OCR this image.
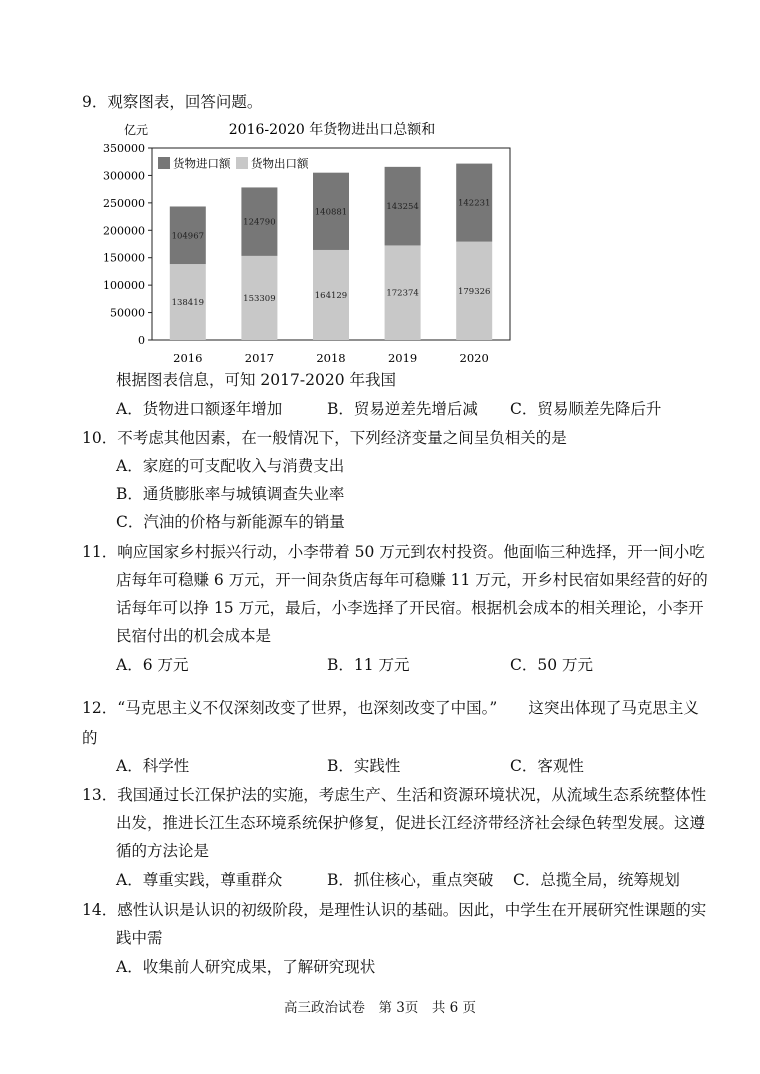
9．观察图表，回答问题。
亿元	2016-2020 年货物进出口总额和
0
50000
100000
150000
200000
250000
300000
350000
138419
104967
153309
124790
164129
140881
172374
143254
179326
142231
2016	2017	2018	2019	2020
货物进口额 货物出口额
根据图表信息，可知 2017-2020 年我国
A．货物进口额逐年增加	B．贸易逆差先增后减 C．贸易顺差先降后升
10．不考虑其他因素，在一般情况下，下列经济变量之间呈负相关的是
A．家庭的可支配收入与消费支出
B．通货膨胀率与城镇调查失业率
C．汽油的价格与新能源车的销量
11．响应国家乡村振兴行动，小李带着 50 万元到农村投资。他面临三种选择，开一间小吃
店每年可稳赚 6 万元，开一间杂货店每年可稳赚 11 万元，开乡村民宿如果经营的好的
话每年可以挣 15 万元，最后，小李选择了开民宿。根据机会成本的相关理论，小李开
民宿付出的机会成本是
A．6 万元	B．11 万元	C．50 万元
12．“马克思主义不仅深刻改变了世界，也深刻改变了中国。”　　这突出体现了马克思主义
的
A．科学性	B．实践性	C．客观性
13．我国通过长江保护法的实施，考虑生产、生活和资源环境状况，从流域生态系统整体性
出发，推进长江生态环境系统保护修复，促进长江经济带经济社会绿色转型发展。这遵
循的方法论是
A．尊重实践，尊重群众	B．抓住核心，重点突破 C．总揽全局，统筹规划
14．感性认识是认识的初级阶段，是理性认识的基础。因此，中学生在开展研究性课题的实
践中需
A．收集前人研究成果，了解研究现状
高三政治试卷　第 3页　共 6 页
